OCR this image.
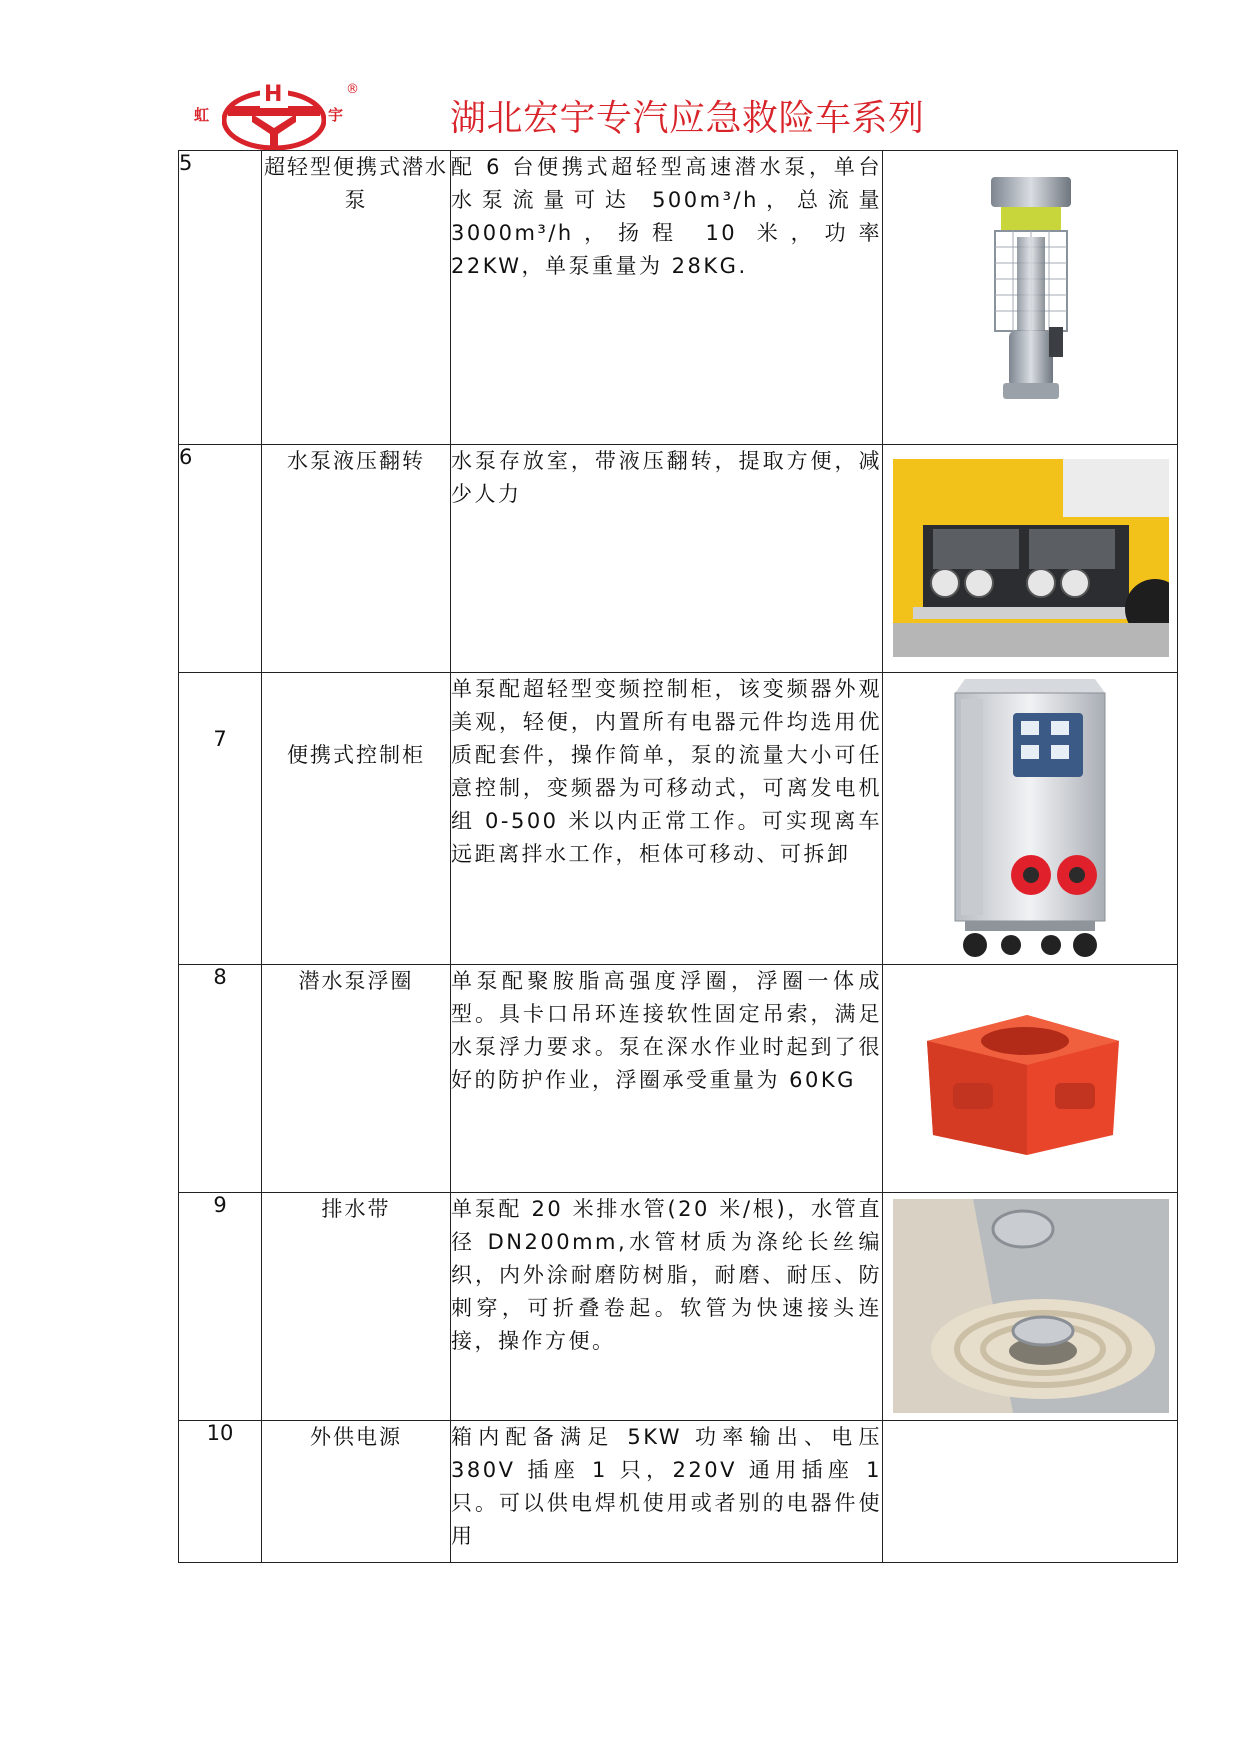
虹
H
宇
®
湖北宏宇专汽应急救险车系列
5	超轻型便携式潜水泵	配 6 台便携式超轻型高速潜水泵，单台水泵流量可达 500m³/h，总流量 3000m³/h，扬程 10 米，功率 22KW，单泵重量为 28KG.	

6	水泵液压翻转	水泵存放室，带液压翻转，提取方便，减少人力	

7	便携式控制柜	单泵配超轻型变频控制柜，该变频器外观美观，轻便，内置所有电器元件均选用优质配套件，操作简单，泵的流量大小可任意控制，变频器为可移动式，可离发电机组 0-500 米以内正常工作。可实现离车远距离拌水工作，柜体可移动、可拆卸	

8	潜水泵浮圈	单泵配聚胺脂高强度浮圈，浮圈一体成型。具卡口吊环连接软性固定吊索，满足水泵浮力要求。泵在深水作业时起到了很好的防护作业，浮圈承受重量为 60KG	

9	排水带	单泵配 20 米排水管(20 米/根)，水管直径 DN200mm,水管材质为涤纶长丝编织，内外涂耐磨防树脂，耐磨、耐压、防刺穿，可折叠卷起。软管为快速接头连接，操作方便。	

10	外供电源	箱内配备满足 5KW 功率输出、电压 380V 插座 1 只，220V 通用插座 1 只。可以供电焊机使用或者别的电器件使用	
